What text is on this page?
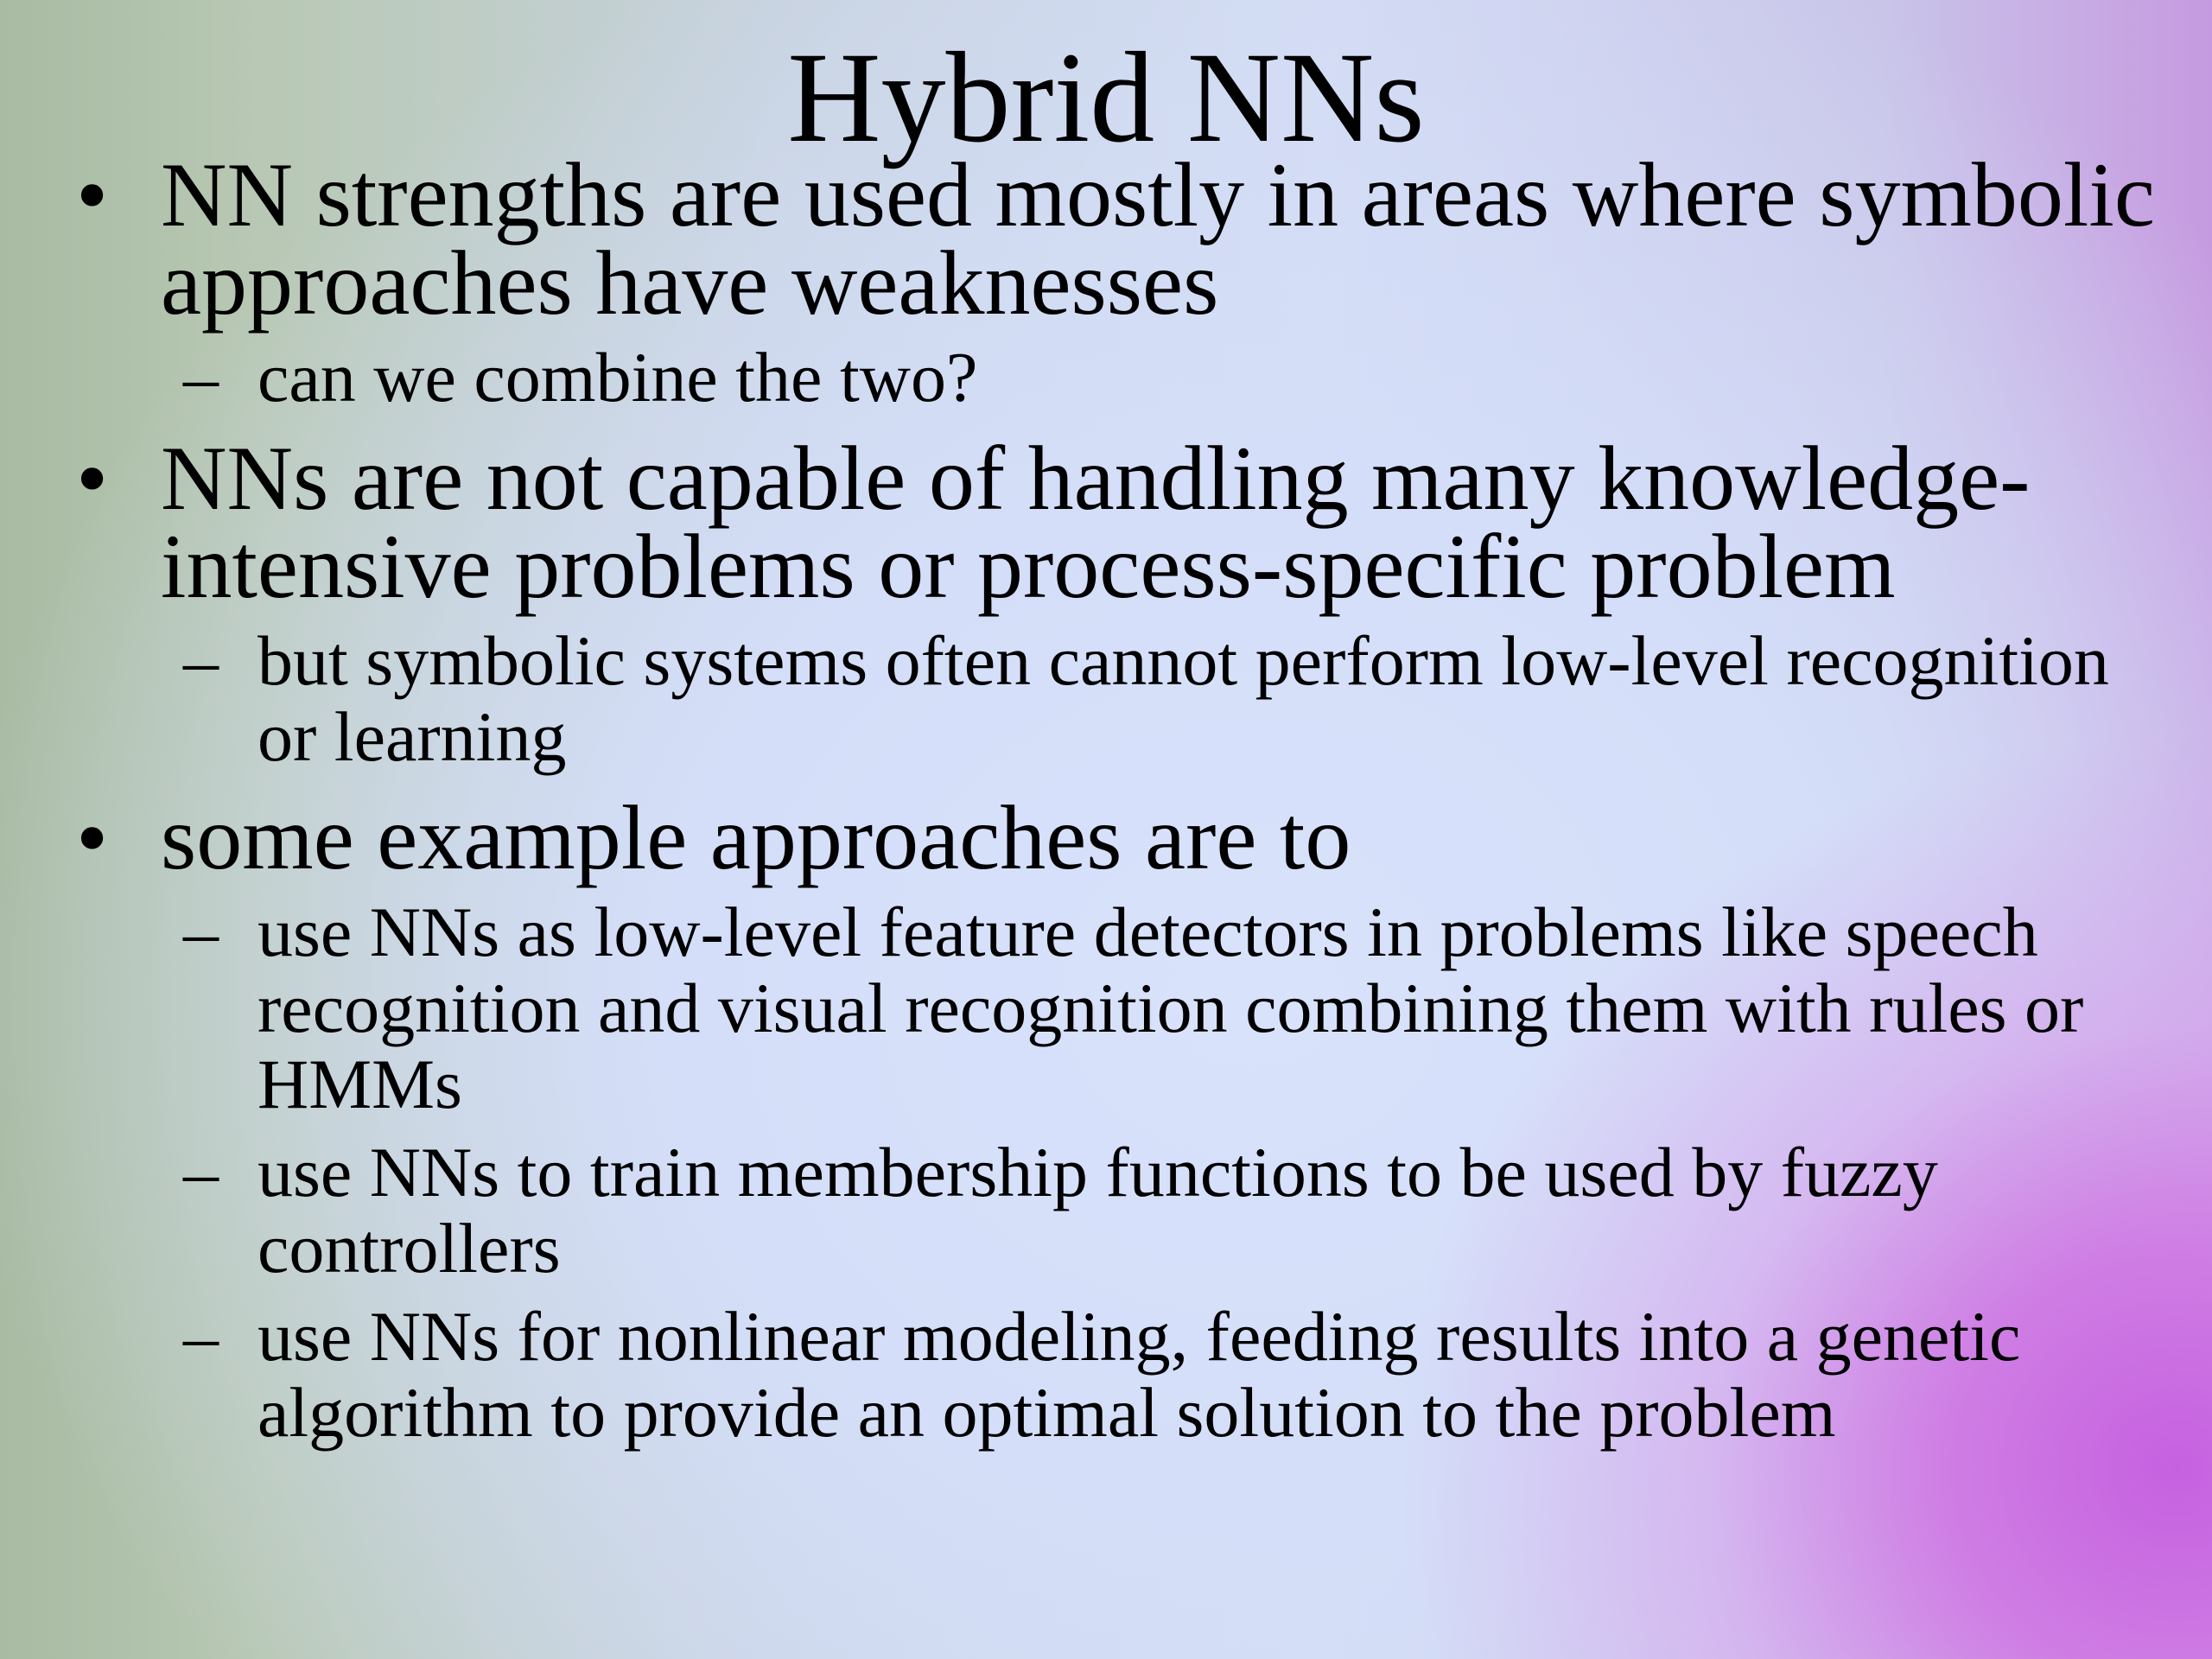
Hybrid NNs
• NN strengths are used mostly in areas where symbolic approaches have weaknesses
– can we combine the two?
• NNs are not capable of handling many knowledge-intensive problems or process-specific problem
– but symbolic systems often cannot perform low-level recognition or learning
• some example approaches are to
– use NNs as low-level feature detectors in problems like speech recognition and visual recognition combining them with rules or HMMs
– use NNs to train membership functions to be used by fuzzy controllers
– use NNs for nonlinear modeling, feeding results into a genetic algorithm to provide an optimal solution to the problem
